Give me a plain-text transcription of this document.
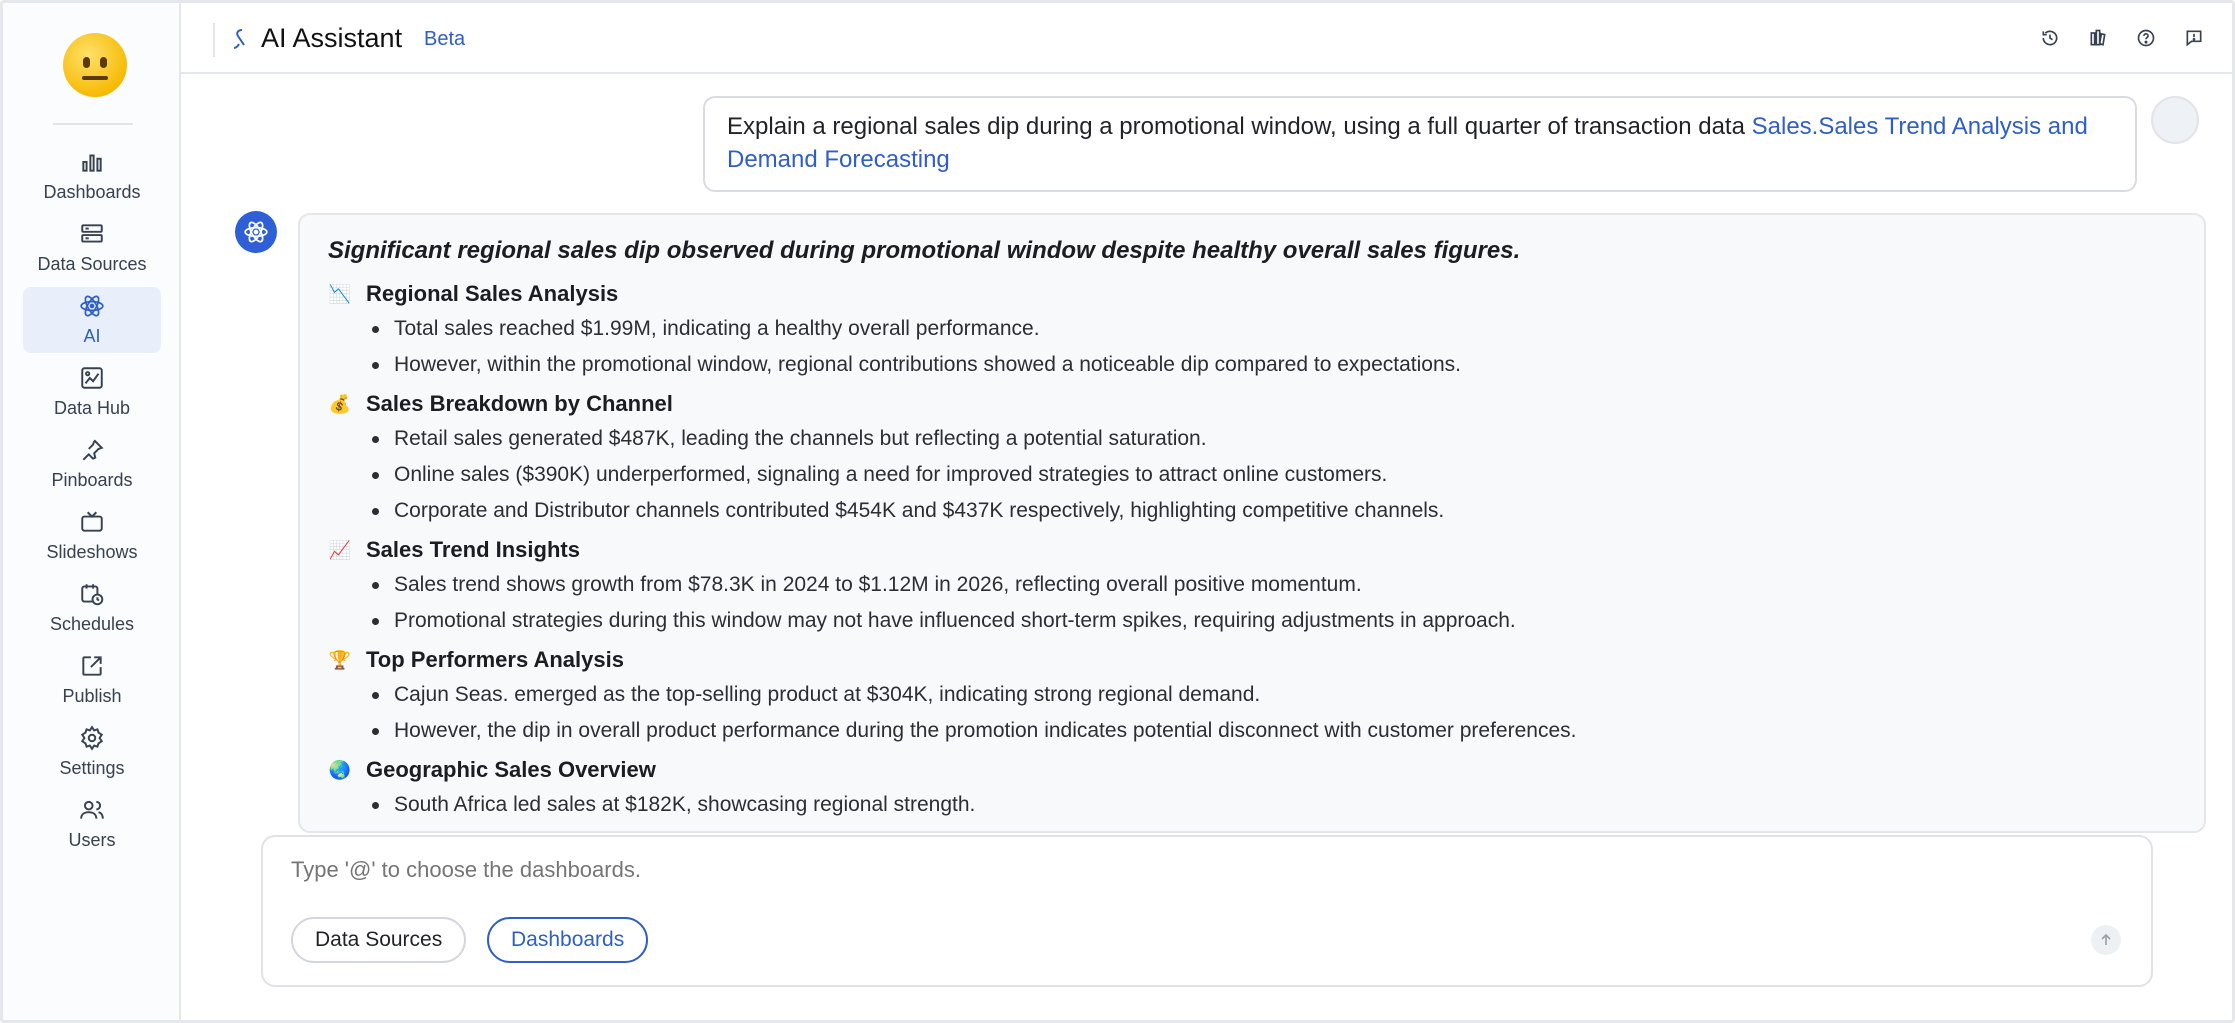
Dashboards
Data Sources
AI
Data Hub
Pinboards
Slideshows
Schedules
Publish
Settings
Users
AI Assistant Beta
Explain a regional sales dip during a promotional window, using a full quarter of transaction data Sales.Sales Trend Analysis and Demand Forecasting
Significant regional sales dip observed during promotional window despite healthy overall sales figures.
📉 Regional Sales Analysis
Total sales reached $1.99M, indicating a healthy overall performance.
However, within the promotional window, regional contributions showed a noticeable dip compared to expectations.
💰 Sales Breakdown by Channel
Retail sales generated $487K, leading the channels but reflecting a potential saturation.
Online sales ($390K) underperformed, signaling a need for improved strategies to attract online customers.
Corporate and Distributor channels contributed $454K and $437K respectively, highlighting competitive channels.
📈 Sales Trend Insights
Sales trend shows growth from $78.3K in 2024 to $1.12M in 2026, reflecting overall positive momentum.
Promotional strategies during this window may not have influenced short-term spikes, requiring adjustments in approach.
🏆 Top Performers Analysis
Cajun Seas. emerged as the top-selling product at $304K, indicating strong regional demand.
However, the dip in overall product performance during the promotion indicates potential disconnect with customer preferences.
🌏 Geographic Sales Overview
South Africa led sales at $182K, showcasing regional strength.
Type '@' to choose the dashboards.
Data Sources	Dashboards
